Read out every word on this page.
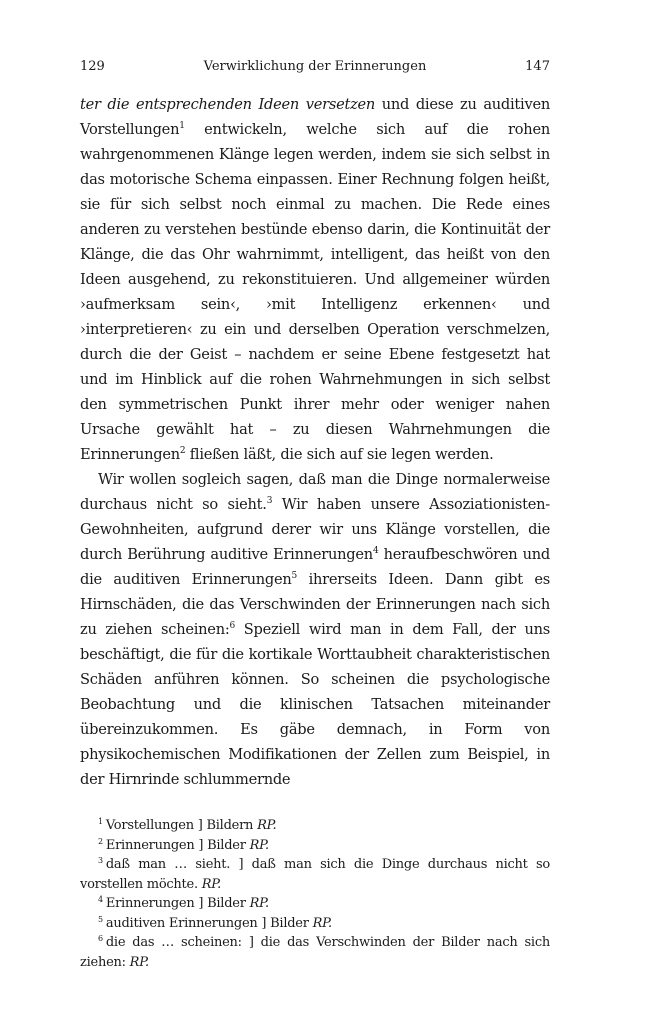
129	Verwirklichung der Erinnerungen	147

ter die entsprechenden Ideen versetzen und diese zu auditiven Vorstellungen$^1$ entwickeln, welche sich auf die rohen wahrgenommenen Klänge legen werden, indem sie sich selbst in das motorische Schema einpassen. Einer Rechnung folgen heißt, sie für sich selbst noch einmal zu machen. Die Rede eines anderen zu verstehen bestünde ebenso darin, die Kontinuität der Klänge, die das Ohr wahrnimmt, intelligent, das heißt von den Ideen ausgehend, zu rekonstituieren. Und allgemeiner würden ›aufmerksam sein‹, ›mit Intelligenz erkennen‹ und ›interpretieren‹ zu ein und derselben Operation verschmelzen, durch die der Geist – nachdem er seine Ebene festgesetzt hat und im Hinblick auf die rohen Wahrnehmungen in sich selbst den symmetrischen Punkt ihrer mehr oder weniger nahen Ursache gewählt hat – zu diesen Wahrnehmungen die Erinnerungen$^2$ fließen läßt, die sich auf sie legen werden.

Wir wollen sogleich sagen, daß man die Dinge normalerweise durchaus nicht so sieht.$^3$ Wir haben unsere Assoziationisten-Gewohnheiten, aufgrund derer wir uns Klänge vorstellen, die durch Berührung auditive Erinnerungen$^4$ heraufbeschwören und die auditiven Erinnerungen$^5$ ihrerseits Ideen. Dann gibt es Hirnschäden, die das Verschwinden der Erinnerungen nach sich zu ziehen scheinen:$^6$ Speziell wird man in dem Fall, der uns beschäftigt, die für die kortikale Worttaubheit charakteristischen Schäden anführen können. So scheinen die psychologische Beobachtung und die klinischen Tatsachen miteinander übereinzukommen. Es gäbe demnach, in Form von physikochemischen Modifikationen der Zellen zum Beispiel, in der Hirnrinde schlummernde

$^1$ Vorstellungen ] Bildern RP.

$^2$ Erinnerungen ] Bilder RP.

$^3$ daß man … sieht. ] daß man sich die Dinge durchaus nicht so vorstellen möchte. RP.

$^4$ Erinnerungen ] Bilder RP.

$^5$ auditiven Erinnerungen ] Bilder RP.

$^6$ die das … scheinen: ] die das Verschwinden der Bilder nach sich ziehen: RP.
